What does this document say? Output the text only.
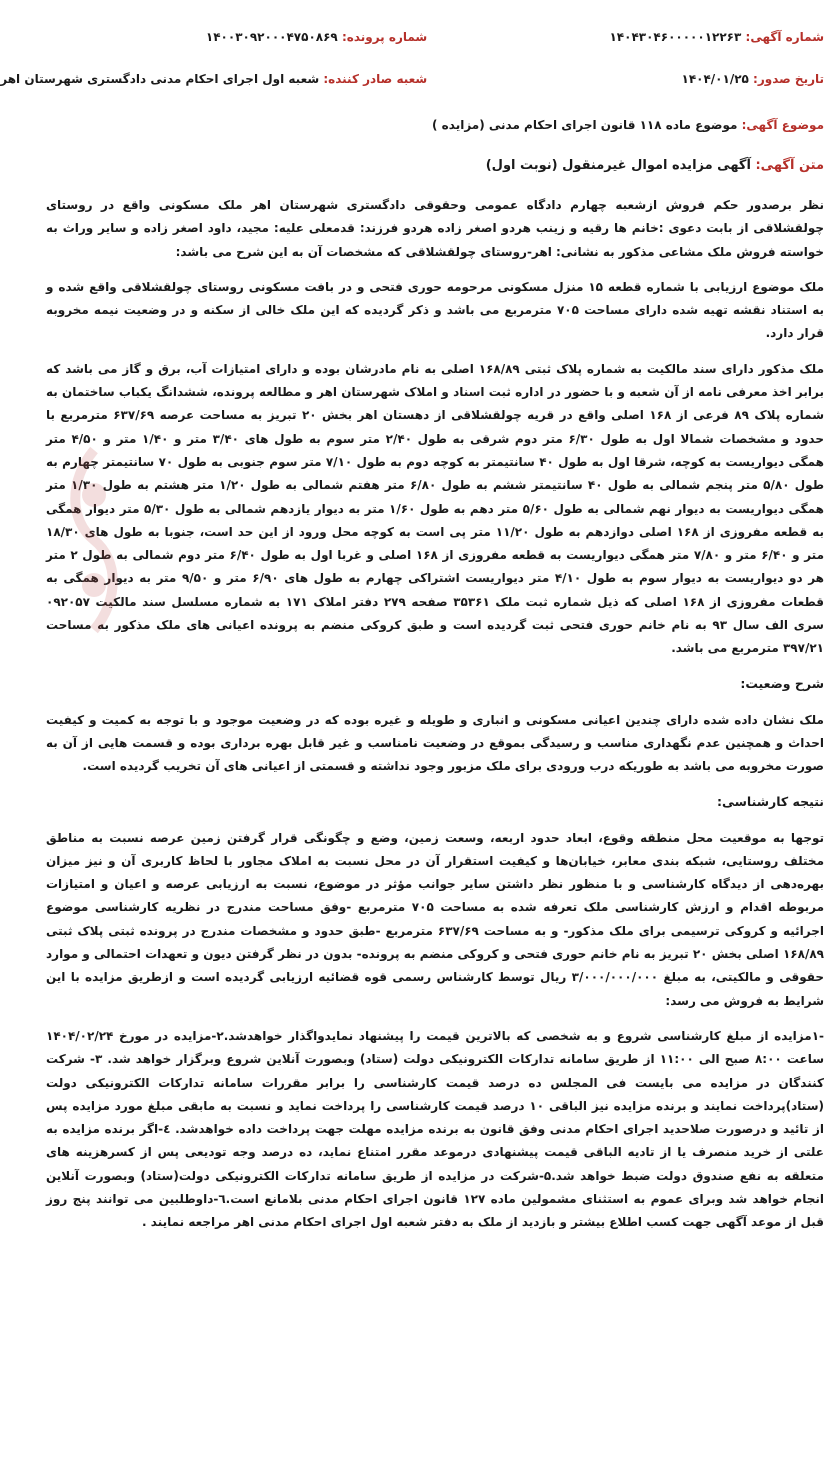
شماره آگهی: ۱۴۰۴۳۰۴۶۰۰۰۰۰۱۲۲۶۳
تاریخ صدور: ۱۴۰۴/۰۱/۲۵
شماره پرونده: ۱۴۰۰۳۰۹۲۰۰۰۴۷۵۰۸۶۹
شعبه صادر کننده: شعبه اول اجرای احکام مدنی دادگستری شهرستان اهر
موضوع آگهی: موضوع ماده ۱۱۸ قانون اجرای احکام مدنی (مزایده )
متن آگهی: آگهی مزایده اموال غیرمنقول (نوبت اول)

نظر برصدور حکم فروش ازشعبه چهارم دادگاه عمومی وحقوقی دادگستری شهرستان اهر ملک مسکونی واقع در روستای چولقشلاقی از بابت دعوی :خانم ها رقیه و زینب هردو اصغر زاده هردو فرزند: قدمعلی علیه: مجید، داود اصغر زاده و سایر وراث به خواسته فروش ملک مشاعی مذکور به نشانی: اهر-روستای چولقشلاقی که مشخصات آن به این شرح می باشد:

ملک موضوع ارزیابی با شماره قطعه ۱۵ منزل مسکونی مرحومه حوری فتحی و در بافت مسکونی روستای چولقشلاقی واقع شده و به استناد نقشه تهیه شده دارای مساحت ۷۰۵ مترمربع می باشد و ذکر گردیده که این ملک خالی از سکنه و در وضعیت نیمه مخروبه قرار دارد.

ملک مذکور دارای سند مالکیت به شماره پلاک ثبتی ۱۶۸/۸۹ اصلی به نام مادرشان بوده و دارای امتیازات آب، برق و گاز می باشد که برابر اخذ معرفی نامه از آن شعبه و با حضور در اداره ثبت اسناد و املاک شهرستان اهر و مطالعه پرونده، ششدانگ یکباب ساختمان به شماره پلاک ۸۹ فرعی از ۱۶۸ اصلی واقع در قریه چولقشلاقی از دهستان اهر بخش ۲۰ تبریز به مساحت عرصه ۶۳۷/۶۹ مترمربع با حدود و مشخصات شمالا اول به طول ۶/۳۰ متر دوم شرقی به طول ۲/۴۰ متر سوم به طول های ۳/۴۰ متر و ۱/۴۰ متر و ۴/۵۰ متر همگی دیواریست به کوچه، شرقا اول به طول ۴۰ سانتیمتر به کوچه دوم به طول ۷/۱۰ متر سوم جنوبی به طول ۷۰ سانتیمتر چهارم به طول ۵/۸۰ متر پنجم شمالی به طول ۴۰ سانتیمتر ششم به طول ۶/۸۰ متر هفتم شمالی به طول ۱/۲۰ متر هشتم به طول ۱/۳۰ متر همگی دیواریست به دیوار نهم شمالی به طول ۵/۶۰ متر دهم به طول ۱/۶۰ متر به دیوار یازدهم شمالی به طول ۵/۳۰ متر دیوار همگی به قطعه مفروزی از ۱۶۸ اصلی دوازدهم به طول ۱۱/۲۰ متر پی است به کوچه محل ورود از این حد است، جنوبا به طول های ۱۸/۳۰ متر و ۶/۴۰ متر و ۷/۸۰ متر همگی دیواریست به قطعه مفروزی از ۱۶۸ اصلی و غربا اول به طول ۶/۴۰ متر دوم شمالی به طول ۲ متر هر دو دیواریست به دیوار سوم به طول ۴/۱۰ متر دیواریست اشتراکی چهارم به طول های ۶/۹۰ متر و ۹/۵۰ متر به دیوار همگی به قطعات مفروزی از ۱۶۸ اصلی که ذیل شماره ثبت ملک ۳۵۳۶۱ صفحه ۲۷۹ دفتر املاک ۱۷۱ به شماره مسلسل سند مالکیت ۰۹۲۰۵۷ سری الف سال ۹۳ به نام خانم حوری فتحی ثبت گردیده است و طبق کروکی منضم به پرونده اعیانی های ملک مذکور به مساحت ۳۹۷/۲۱ مترمربع می باشد.

شرح وضعیت:

ملک نشان داده شده دارای چندین اعیانی مسکونی و انباری و طویله و غیره بوده که در وضعیت موجود و با توجه به کمیت و کیفیت احداث و همچنین عدم نگهداری مناسب و رسیدگی بموقع در وضعیت نامناسب و غیر قابل بهره برداری بوده و قسمت هایی از آن به صورت مخروبه می باشد به طوریکه درب ورودی برای ملک مزبور وجود نداشته و قسمتی از اعیانی های آن تخریب گردیده است.

نتیجه کارشناسی:

توجها به موقعیت محل منطقه وقوع، ابعاد حدود اربعه، وسعت زمین، وضع و چگونگی قرار گرفتن زمین عرصه نسبت به مناطق مختلف روستایی، شبکه بندی معابر، خیابان‌ها و کیفیت استقرار آن در محل نسبت به املاک مجاور با لحاظ کاربری آن و نیز میزان بهره‌دهی از دیدگاه کارشناسی و با منظور نظر داشتن سایر جوانب مؤثر در موضوع، نسبت به ارزیابی عرصه و اعیان و امتیازات مربوطه اقدام و ارزش کارشناسی ملک تعرفه شده به مساحت ۷۰۵ مترمربع -وفق مساحت مندرج در نظریه کارشناسی موضوع اجرائیه و کروکی ترسیمی برای ملک مذکور- و به مساحت ۶۳۷/۶۹ مترمربع -طبق حدود و مشخصات مندرج در پرونده ثبتی پلاک ثبتی ۱۶۸/۸۹ اصلی بخش ۲۰ تبریز به نام خانم حوری فتحی و کروکی منضم به پرونده- بدون در نظر گرفتن دیون و تعهدات احتمالی و موارد حقوقی و مالکیتی، به مبلغ ۳/۰۰۰/۰۰۰/۰۰۰ ریال توسط کارشناس رسمی قوه قضائیه ارزیابی گردیده است و ازطریق مزایده با این شرایط به فروش می رسد:

-۱مزایده از مبلغ کارشناسی شروع و به شخصی که بالاترین قیمت را پیشنهاد نمایدواگذار خواهدشد.۲-مزایده در مورخ ۱۴۰۴/۰۲/۲۴ ساعت ۸:۰۰ صبح الی ۱۱:۰۰ از طریق سامانه تدارکات الکترونیکی دولت (ستاد) وبصورت آنلاین شروع وبرگزار خواهد شد. ۳- شرکت کنندگان در مزایده می بایست فی المجلس ده درصد قیمت کارشناسی را برابر مقررات سامانه تدارکات الکترونیکی دولت (ستاد)پرداخت نمایند و برنده مزایده نیز الباقی ۱۰ درصد قیمت کارشناسی را پرداخت نماید و نسبت به مابقی مبلغ مورد مزایده پس از تائید و درصورت صلاحدید اجرای احکام مدنی وفق قانون به برنده مزایده مهلت جهت پرداخت داده خواهدشد. ٤-اگر برنده مزایده به علتی از خرید منصرف یا از تادیه الباقی قیمت پیشنهادی درموعد مقرر امتناع نماید، ده درصد وجه تودیعی پس از کسرهزینه های متعلقه به نفع صندوق دولت ضبط خواهد شد.۵-شرکت در مزایده از طریق سامانه تدارکات الکترونیکی دولت(ستاد) وبصورت آنلاین انجام خواهد شد وبرای عموم به استثنای مشمولین ماده ۱۲۷ قانون اجرای احکام مدنی بلامانع است.٦-داوطلبین می توانند پنج روز قبل از موعد آگهی جهت کسب اطلاع بیشتر و بازدید از ملک به دفتر شعبه اول اجرای احکام مدنی اهر مراجعه نمایند .
